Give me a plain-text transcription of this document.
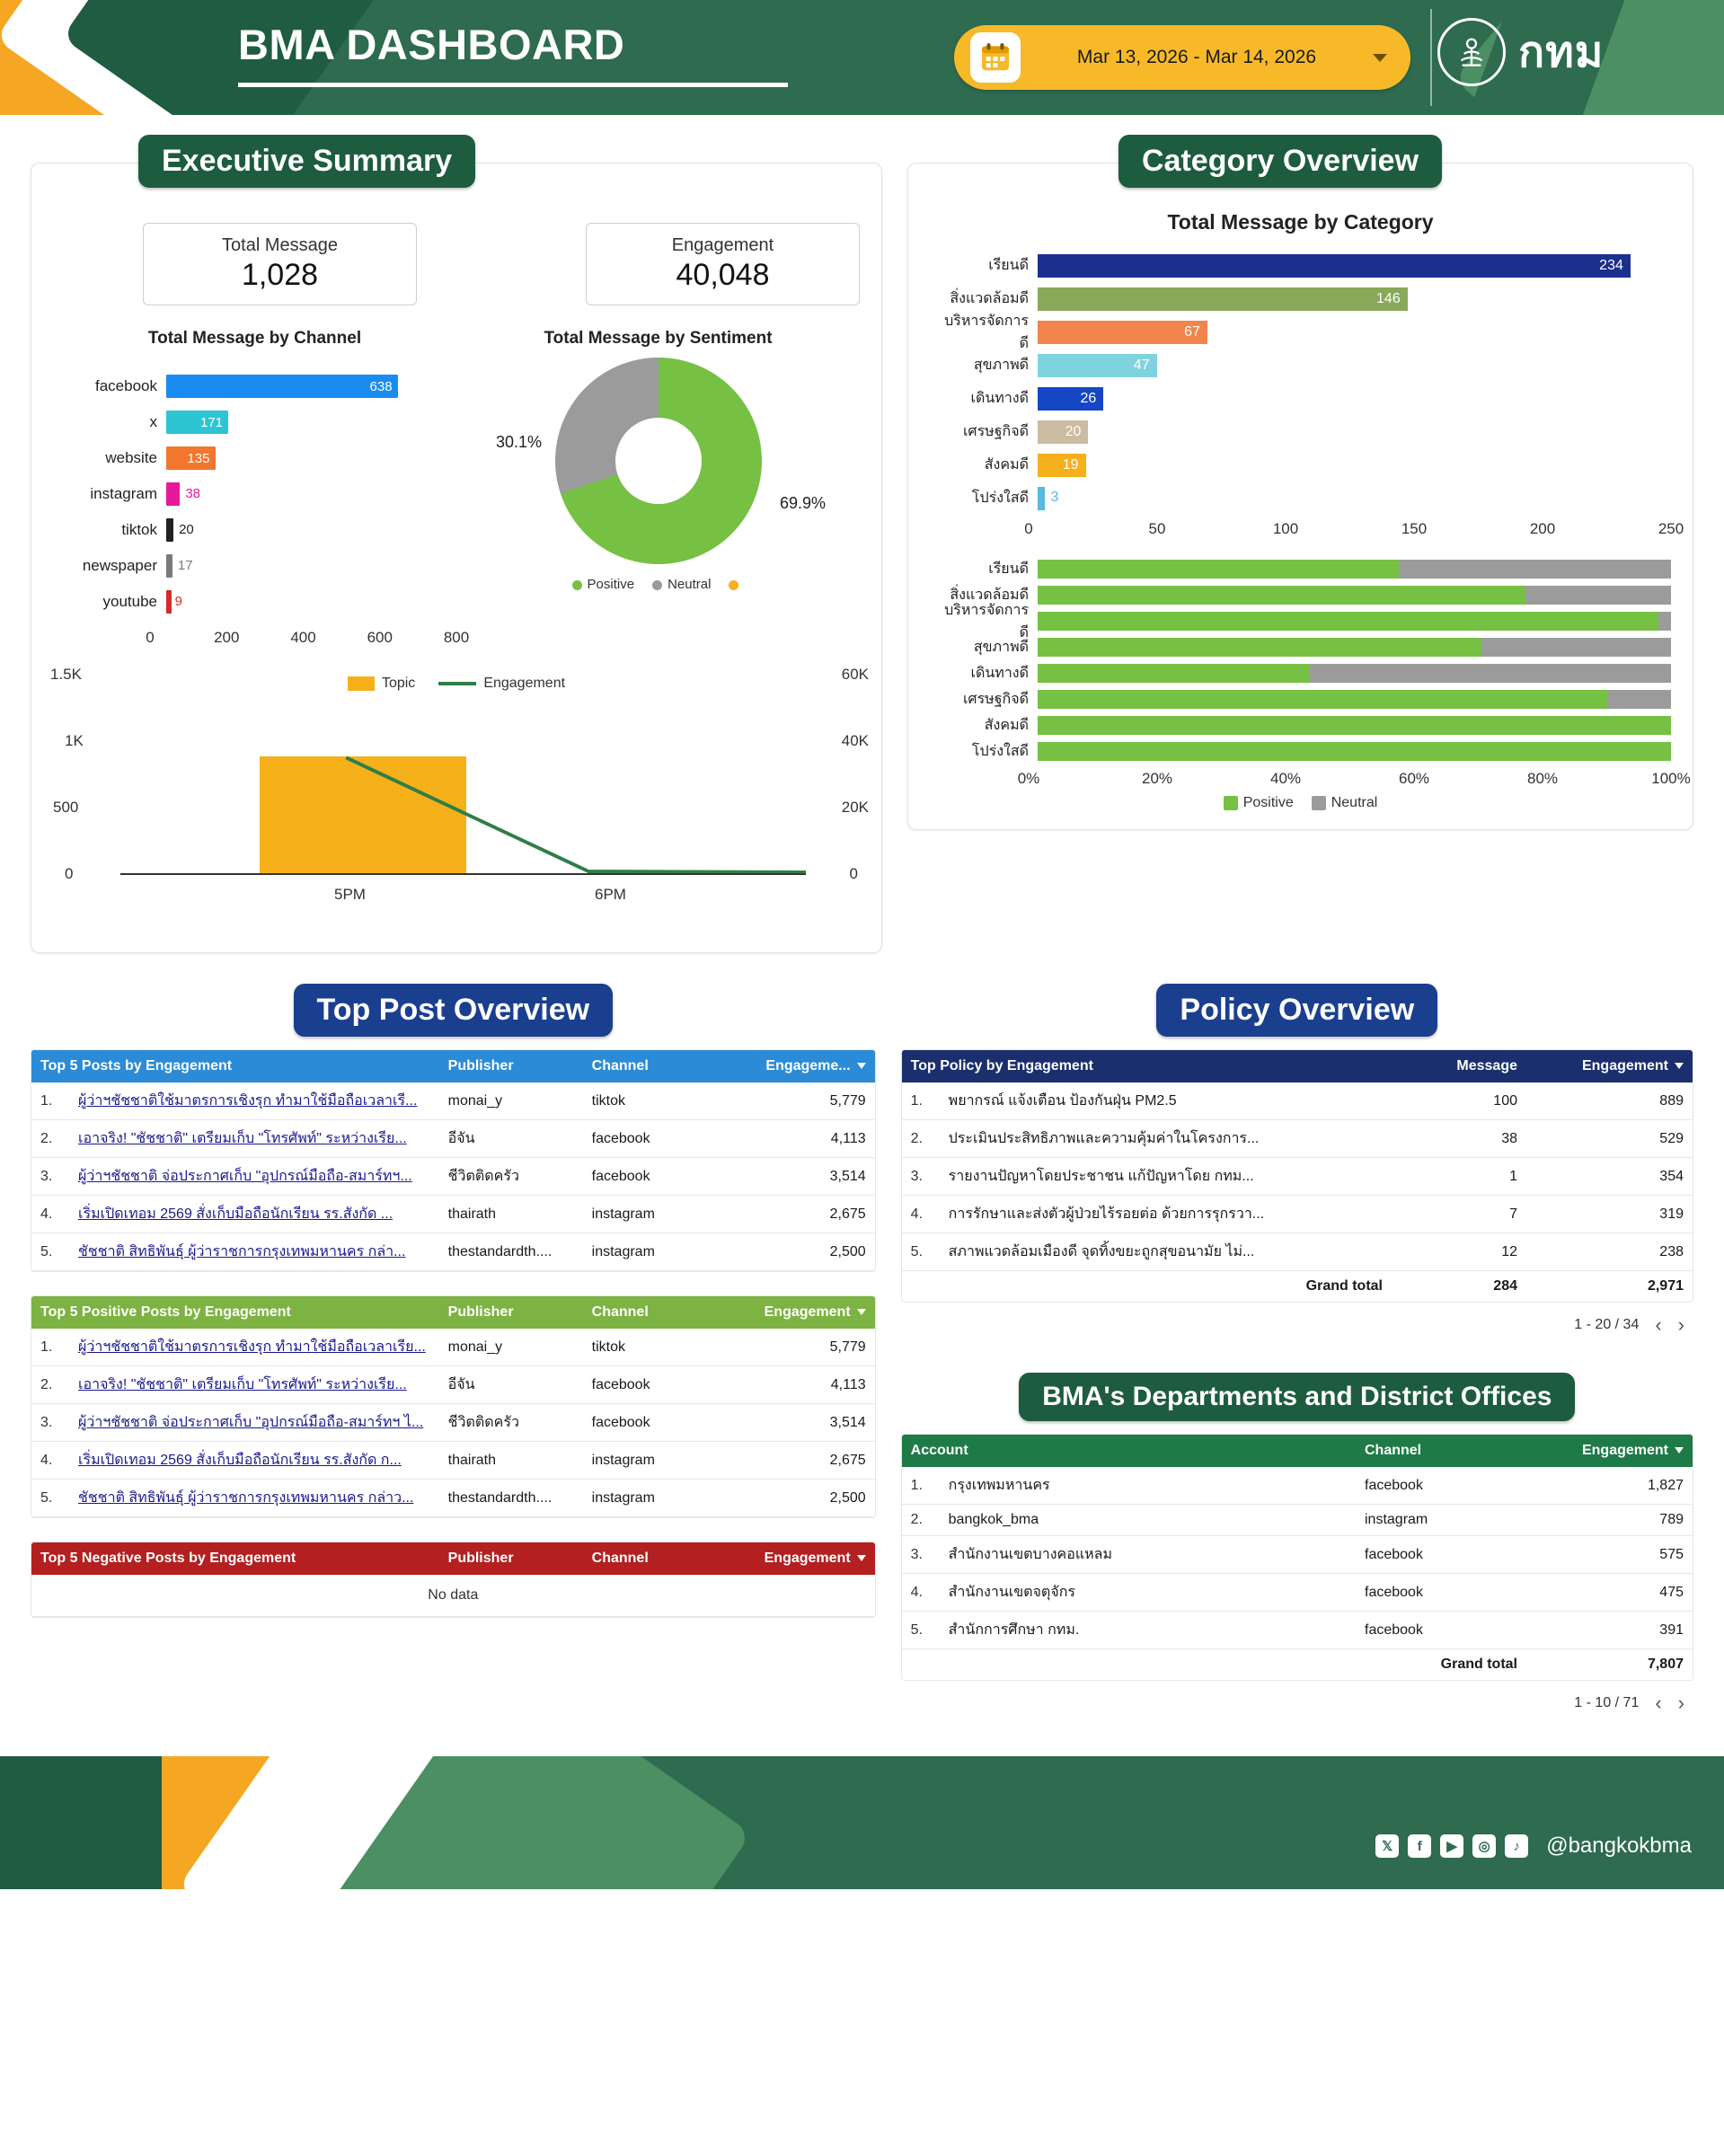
BMA DASHBOARD	Mar 13, 2026 - Mar 14, 2026	กทม
Executive Summary
Total Message
1,028
Engagement
40,048
Total Message by Channel
facebook	638
x	171
website	135
instagram	38
tiktok	20
newspaper	17
youtube	9
0	200	400	600	800
Total Message by Sentiment
30.1%
69.9%
Positive	Neutral
Topic	Engagement
0
500
1K
1.5K
0
20K
40K
60K
5PM	6PM
Category Overview
Total Message by Category
เรียนดี	234
สิ่งแวดล้อมดี	146
บริหารจัดการดี
67
สุขภาพดี	47
เดินทางดี	26
เศรษฐกิจดี	20
สังคมดี	19
โปร่งใสดี	3
0	50	100	150	200	250
เรียนดี
สิ่งแวดล้อมดี
บริหารจัดการดี
สุขภาพดี
เดินทางดี
เศรษฐกิจดี
สังคมดี
โปร่งใสดี
0%	20%	40%	60%	80%	100%
Positive	Neutral
Top Post Overview
Top 5 Posts by Engagement		Publisher	Channel	Engageme...
1.	ผู้ว่าฯชัชชาติใช้มาตรการเชิงรุก ทำมาใช้มือถือเวลาเรี...	monai_y	tiktok	5,779
2.	เอาจริง! "ชัชชาติ" เตรียมเก็บ "โทรศัพท์" ระหว่างเรีย...	อีจัน	facebook	4,113
3.	ผู้ว่าฯชัชชาติ จ่อประกาศเก็บ "อุปกรณ์มือถือ-สมาร์ทฯ...	ชีวิตติดครัว	facebook	3,514
4.	เริ่มเปิดเทอม 2569 สั่งเก็บมือถือนักเรียน รร.สังกัด ...	thairath	instagram	2,675
5.	ชัชชาติ สิทธิพันธุ์ ผู้ว่าราชการกรุงเทพมหานคร กล่า...	thestandardth....	instagram	2,500
Top 5 Positive Posts by Engagement		Publisher	Channel	Engagement
1.	ผู้ว่าฯชัชชาติใช้มาตรการเชิงรุก ทำมาใช้มือถือเวลาเรีย...	monai_y	tiktok	5,779
2.	เอาจริง! "ชัชชาติ" เตรียมเก็บ "โทรศัพท์" ระหว่างเรีย...	อีจัน	facebook	4,113
3.	ผู้ว่าฯชัชชาติ จ่อประกาศเก็บ "อุปกรณ์มือถือ-สมาร์ทฯ ไ...	ชีวิตติดครัว	facebook	3,514
4.	เริ่มเปิดเทอม 2569 สั่งเก็บมือถือนักเรียน รร.สังกัด ก...	thairath	instagram	2,675
5.	ชัชชาติ สิทธิพันธุ์ ผู้ว่าราชการกรุงเทพมหานคร กล่าว...	thestandardth....	instagram	2,500
Top 5 Negative Posts by Engagement	Publisher	Channel	Engagement
No data
Policy Overview
Top Policy by Engagement		Message	Engagement
1.	พยากรณ์ แจ้งเตือน ป้องกันฝุ่น PM2.5	100	889
2.	ประเมินประสิทธิภาพและความคุ้มค่าในโครงการ...	38	529
3.	รายงานปัญหาโดยประชาชน แก้ปัญหาโดย กทม...	1	354
4.	การรักษาและส่งตัวผู้ป่วยไร้รอยต่อ ด้วยการรุกรวา...	7	319
5.	สภาพแวดล้อมเมืองดี จุดทิ้งขยะถูกสุขอนามัย ไม่...	12	238
Grand total		284	2,971
1 - 20 / 34 ‹ ›
BMA's Departments and District Offices
Account		Channel	Engagement
1.	กรุงเทพมหานคร	facebook	1,827
2.	bangkok_bma	instagram	789
3.	สำนักงานเขตบางคอแหลม	facebook	575
4.	สำนักงานเขตจตุจักร	facebook	475
5.	สำนักการศึกษา กทม.	facebook	391
Grand total			7,807
1 - 10 / 71 ‹ ›
𝕏	f	▶	◎	♪	@bangkokbma
